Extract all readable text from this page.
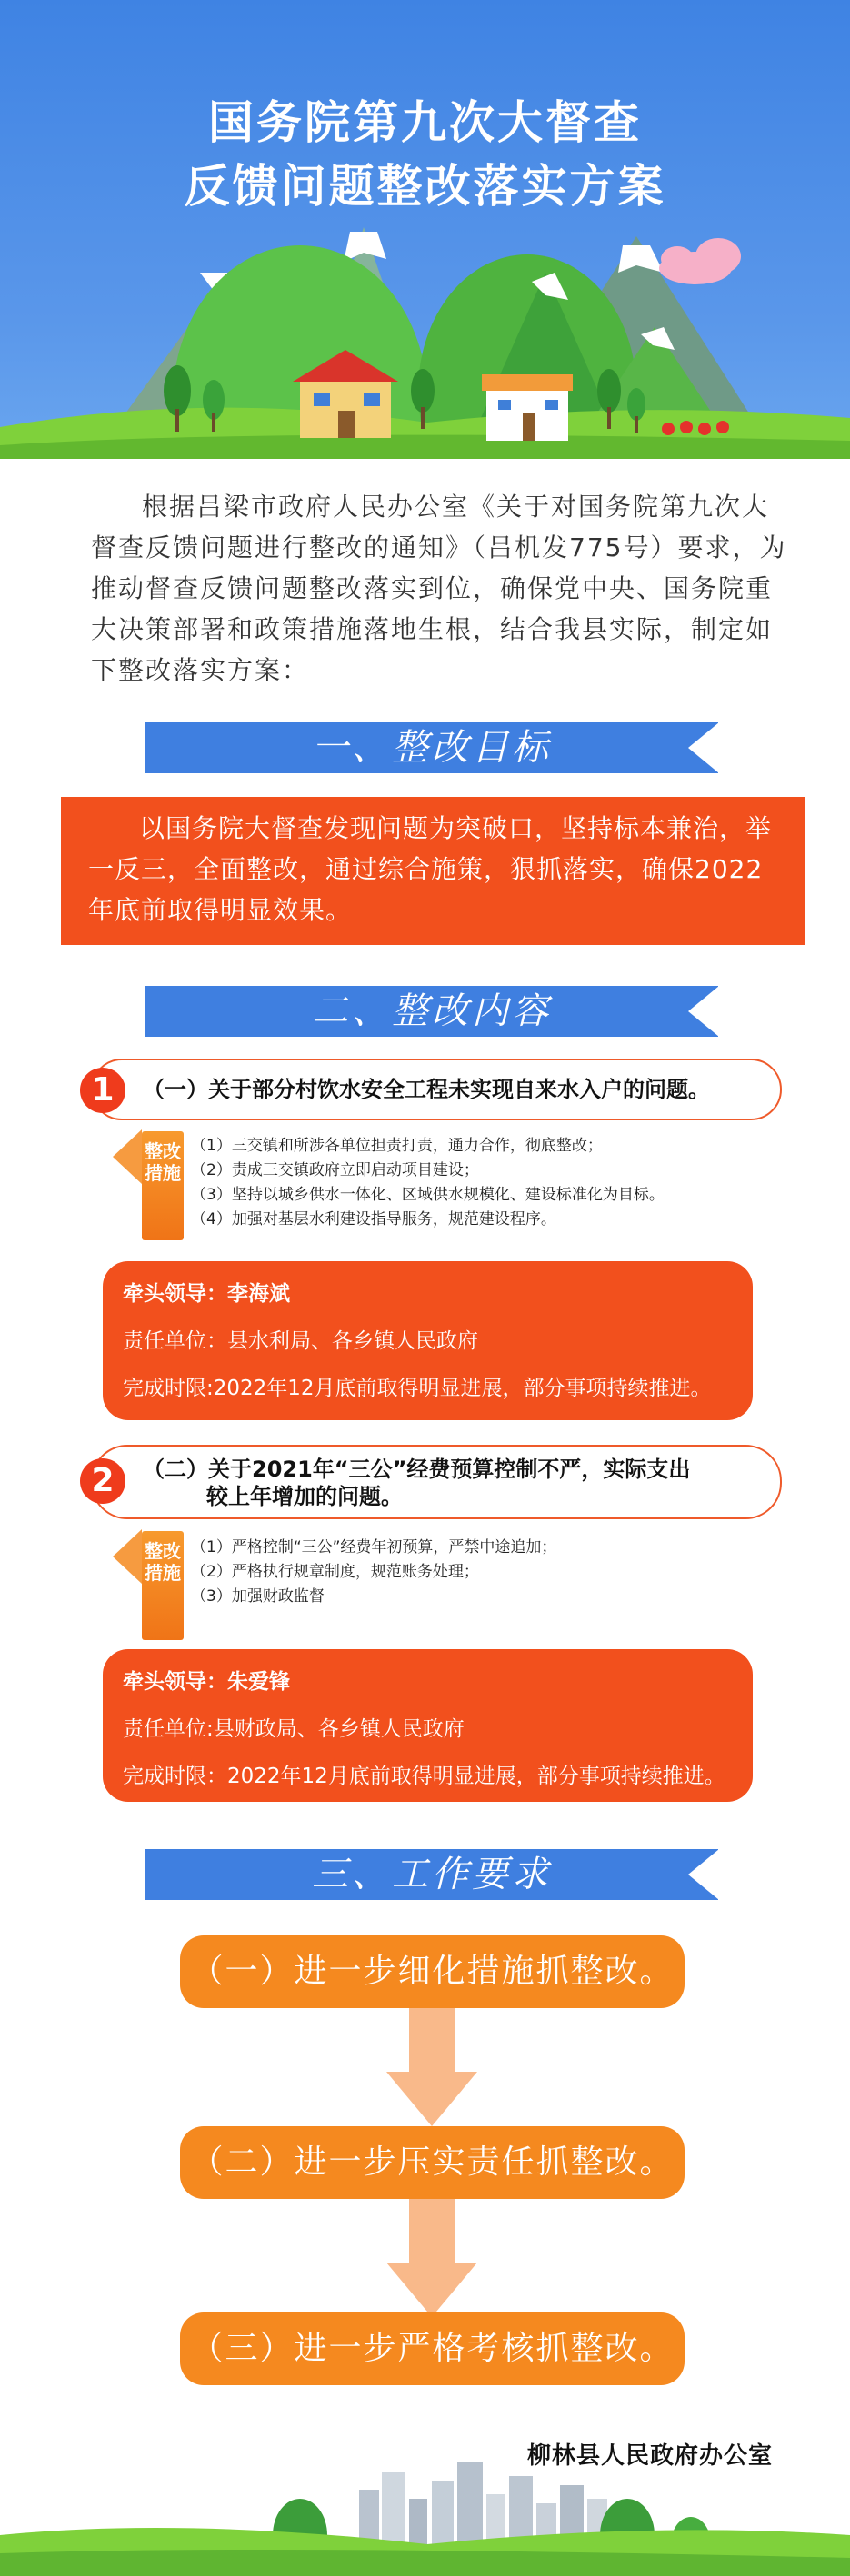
国务院第九次大督查
反馈问题整改落实方案
根据吕梁市政府人民办公室《关于对国务院第九次大督查反馈问题进行整改的通知》（吕机发775号）要求，为推动督查反馈问题整改落实到位，确保党中央、国务院重大决策部署和政策措施落地生根，结合我县实际，制定如下整改落实方案：
一、整改目标
以国务院大督查发现问题为突破口，坚持标本兼治，举一反三，全面整改，通过综合施策，狠抓落实，确保2022年底前取得明显效果。
二、整改内容
（一）关于部分村饮水安全工程未实现自来水入户的问题。
1
整改措施
（1）三交镇和所涉各单位担责打责，通力合作，彻底整改；
（2）责成三交镇政府立即启动项目建设；
（3）坚持以城乡供水一体化、区域供水规模化、建设标准化为目标。
（4）加强对基层水利建设指导服务，规范建设程序。
牵头领导：李海斌
责任单位：县水利局、各乡镇人民政府
完成时限:2022年12月底前取得明显进展，部分事项持续推进。
（二）关于2021年“三公”经费预算控制不严，实际支出
较上年增加的问题。
2
整改措施
（1）严格控制“三公”经费年初预算，严禁中途追加；
（2）严格执行规章制度，规范账务处理；
（3）加强财政监督
牵头领导：朱爱锋
责任单位:县财政局、各乡镇人民政府
完成时限：2022年12月底前取得明显进展，部分事项持续推进。
三、工作要求
（一）进一步细化措施抓整改。
（二）进一步压实责任抓整改。
（三）进一步严格考核抓整改。
柳林县人民政府办公室
